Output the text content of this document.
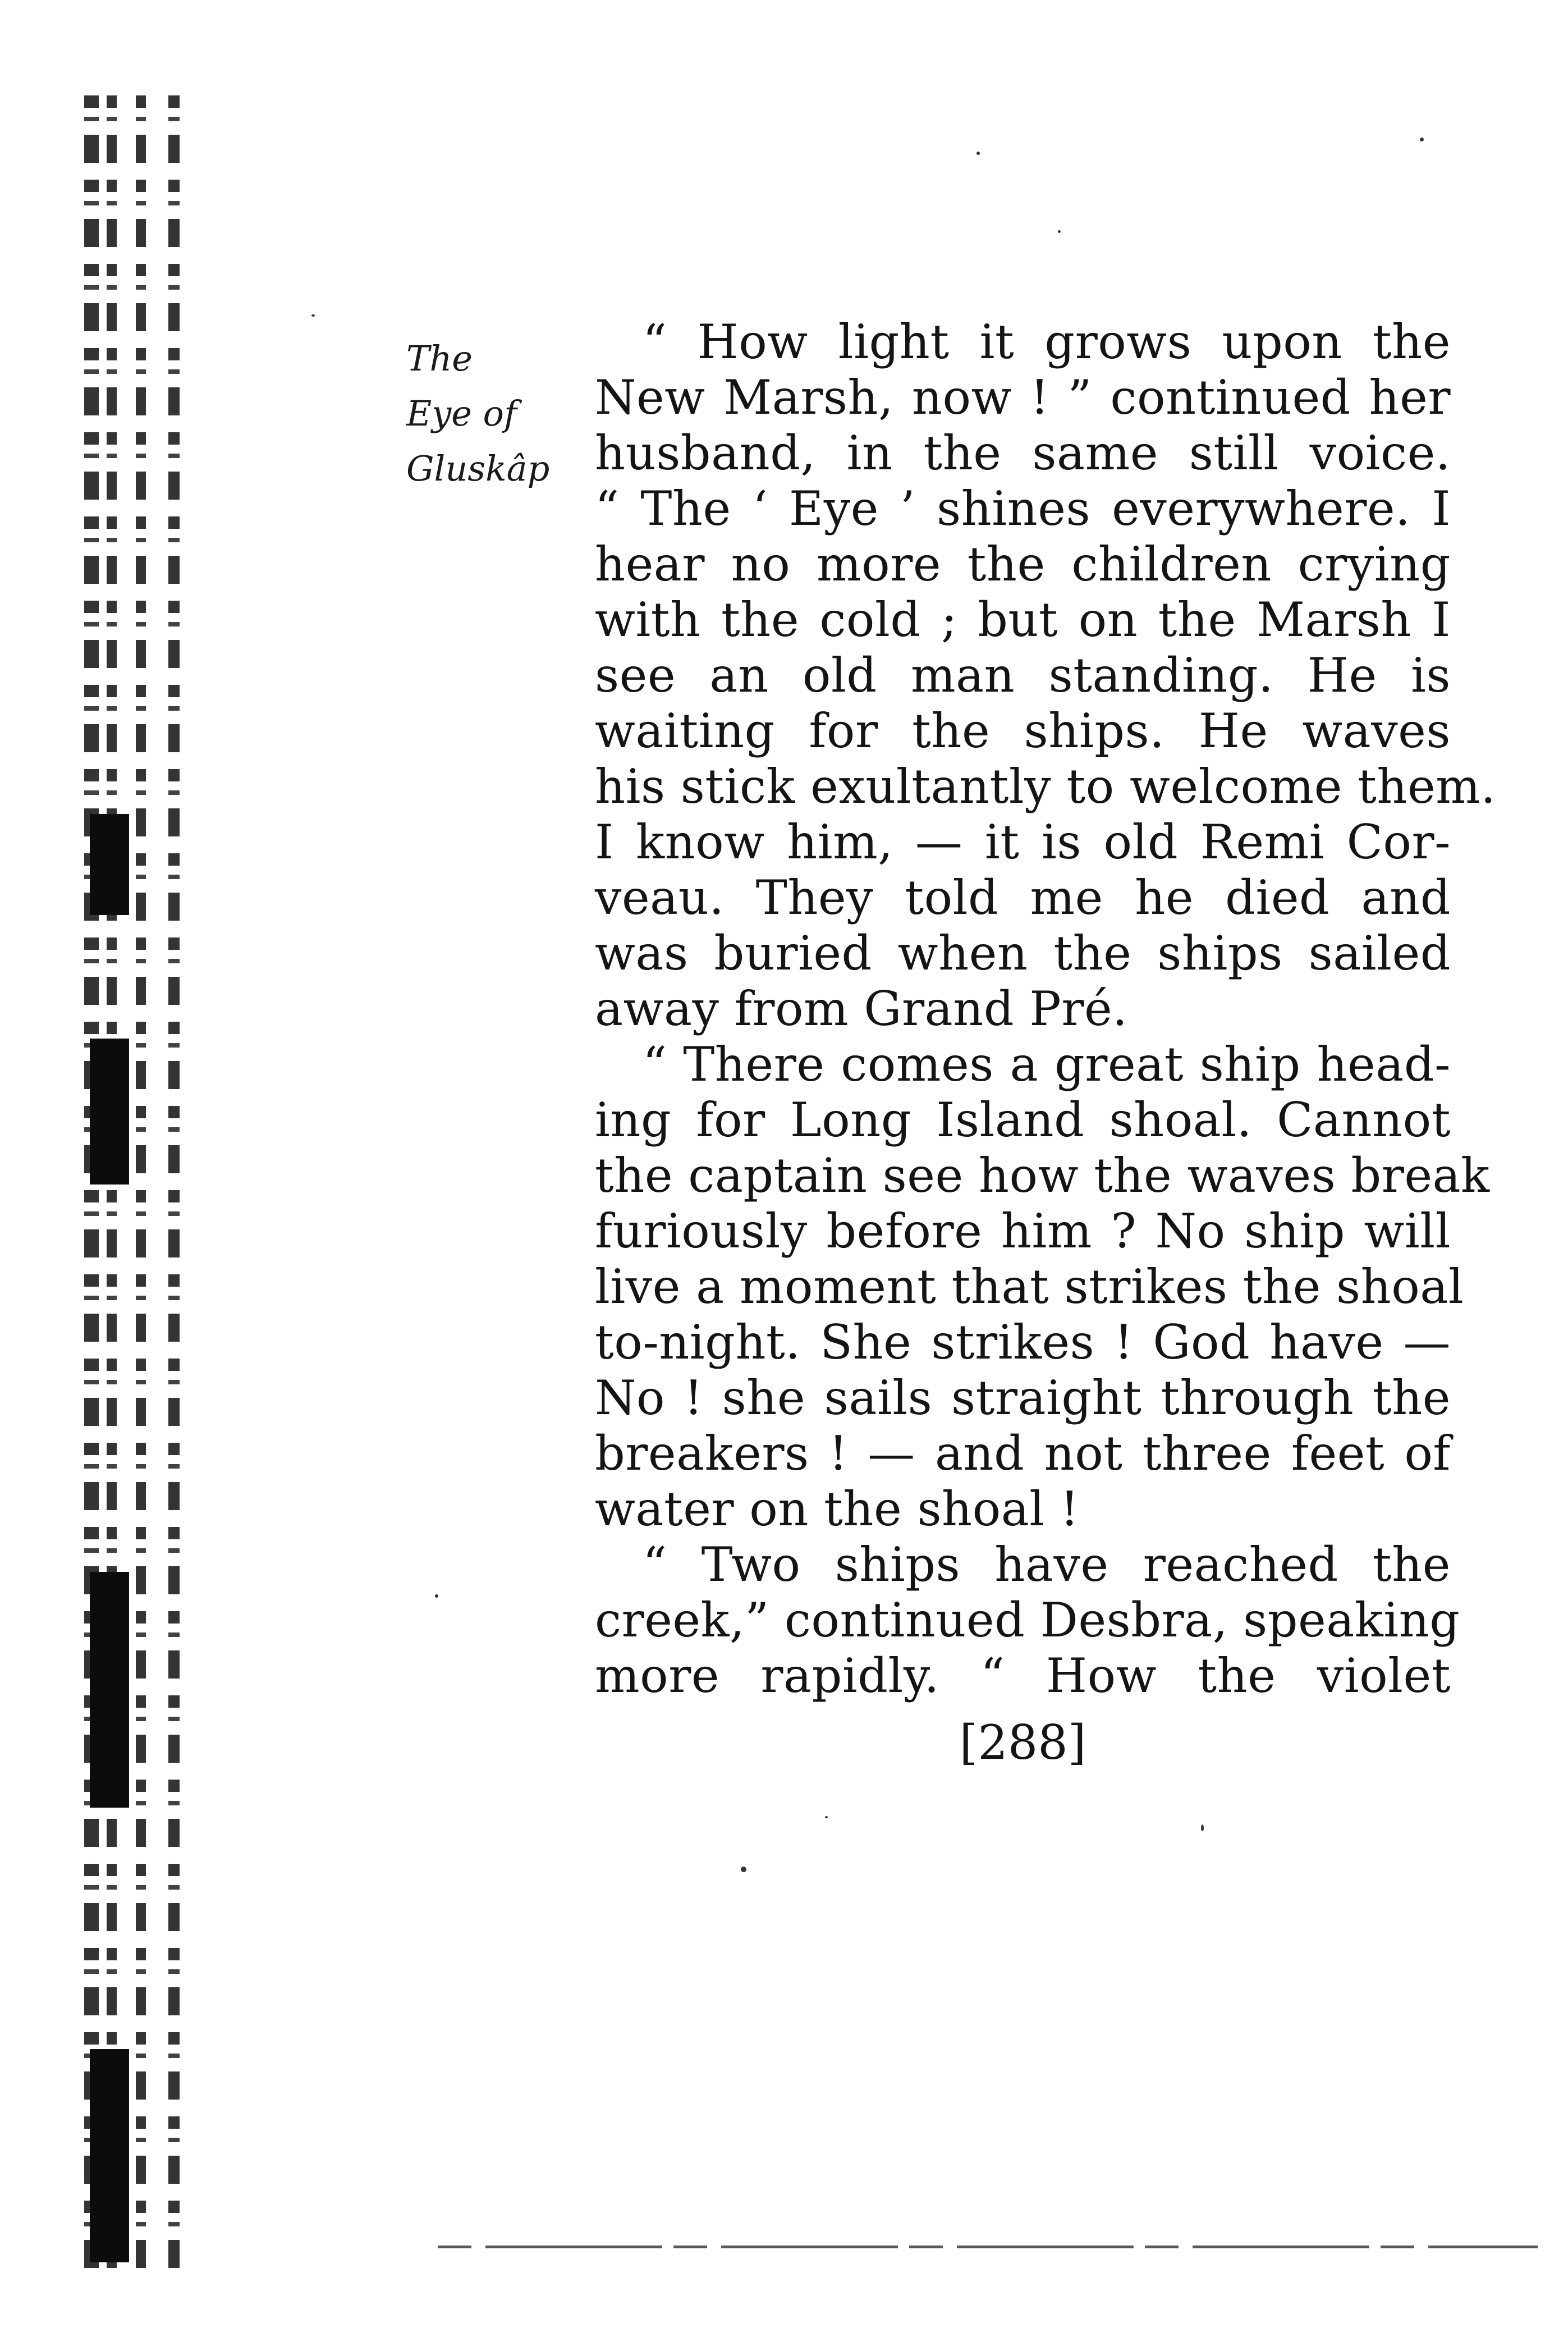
The
Eye of
Gluskâp
“ How light it grows upon the
New Marsh, now ! ” continued her
husband, in the same still voice.
“ The ‘ Eye ’ shines everywhere. I
hear no more the children crying
with the cold ; but on the Marsh I
see an old man standing. He is
waiting for the ships. He waves
his stick exultantly to welcome them.
I know him, — it is old Remi Cor-
veau. They told me he died and
was buried when the ships sailed
away from Grand Pré.
“ There comes a great ship head-
ing for Long Island shoal. Cannot
the captain see how the waves break
furiously before him ? No ship will
live a moment that strikes the shoal
to-night. She strikes ! God have —
No ! she sails straight through the
breakers ! — and not three feet of
water on the shoal !
“ Two ships have reached the
creek,” continued Desbra, speaking
more rapidly. “ How the violet
[288]
